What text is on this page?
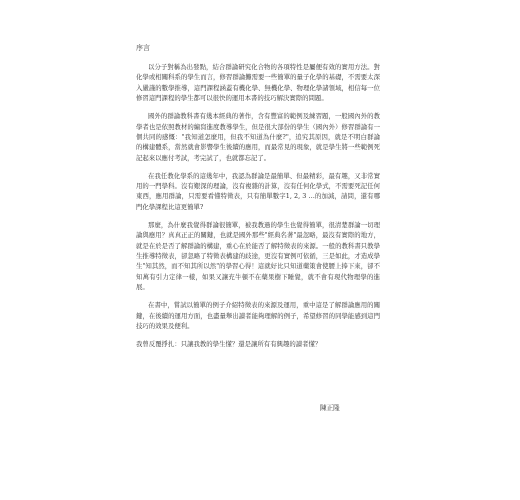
序言

以分子對稱為出發點，結合群論研究化合物的各項特性是屬便有效的實用方法。對化學或相關科系的學生而言，修習群論攤需要一些簡單的量子化學的基礎，不需要太深入嚴謹的數學推導，這門課程涵蓋有機化學、無機化學、物理化學諸領域，相信每一位修習這門課程的學生都可以很快的運用本書的技巧解決實際的問題。

國外的群論教科書有幾本經典的著作，含有豐富的範例及練習題，一般國內外的教學者也是依照教材的編寫進度教導學生，但是很大部份的學生（國內外）修習群論有一個共同的感慨："我知道怎麼用，但我不知道為什麼?"，追究其原因，就是不明白群論的構建體系，當然就會影響學生後續的應用，而最常見的現象，就是學生將一些範例死記起來以應付考試，考完試了，也就都忘記了。

在我任教化學系的這幾年中，我認為群論是最簡單、但最精彩，最有趣，又非常實用的一門學科。沒有艱深的理論，沒有複雜的計算，沒有任何化學式，不需要死記任何東西，應用群論，只需要看懂特徵表，只有簡單數字1, 2, 3 …的加減，請問，還有哪門化學課程比這更簡單?

那麼，為什麼我覺得群論很簡單，被我教過的學生也覺得簡單，很清楚群論一切理論與應用？真真正正的關鍵，也就是國外那些"經典名著"最忽略，最沒有實際的地方，就是在於是否了解群論的構建，重心在於能否了解特徵表的來源。一般的教科書只教學生推導特徵表，卻忽略了特徵表構建的歧途，更沒有實例可依循，三是如此，才造成學生"知其然，而不知其所以然"的學習心得！這就好比只知道藥策會使腰上捧下來，卻不知萬有引力定律一樣，如果又讓充牛頓不在藥果樹下睡覺，就不會有現代物理學的進展。

在書中，嘗試以簡單的例子介紹特徵表的來源及運用，重中這是了解群論應用的關鍵，在後續的運用方面，也盡量舉出讀者能夠理解的例子，希望修習的同學能感到這門技巧的效果及便利。

我曾反覆掙扎：只讓我教的學生懂？還是讓所有有興趣的讀者懂？

陳正隆
